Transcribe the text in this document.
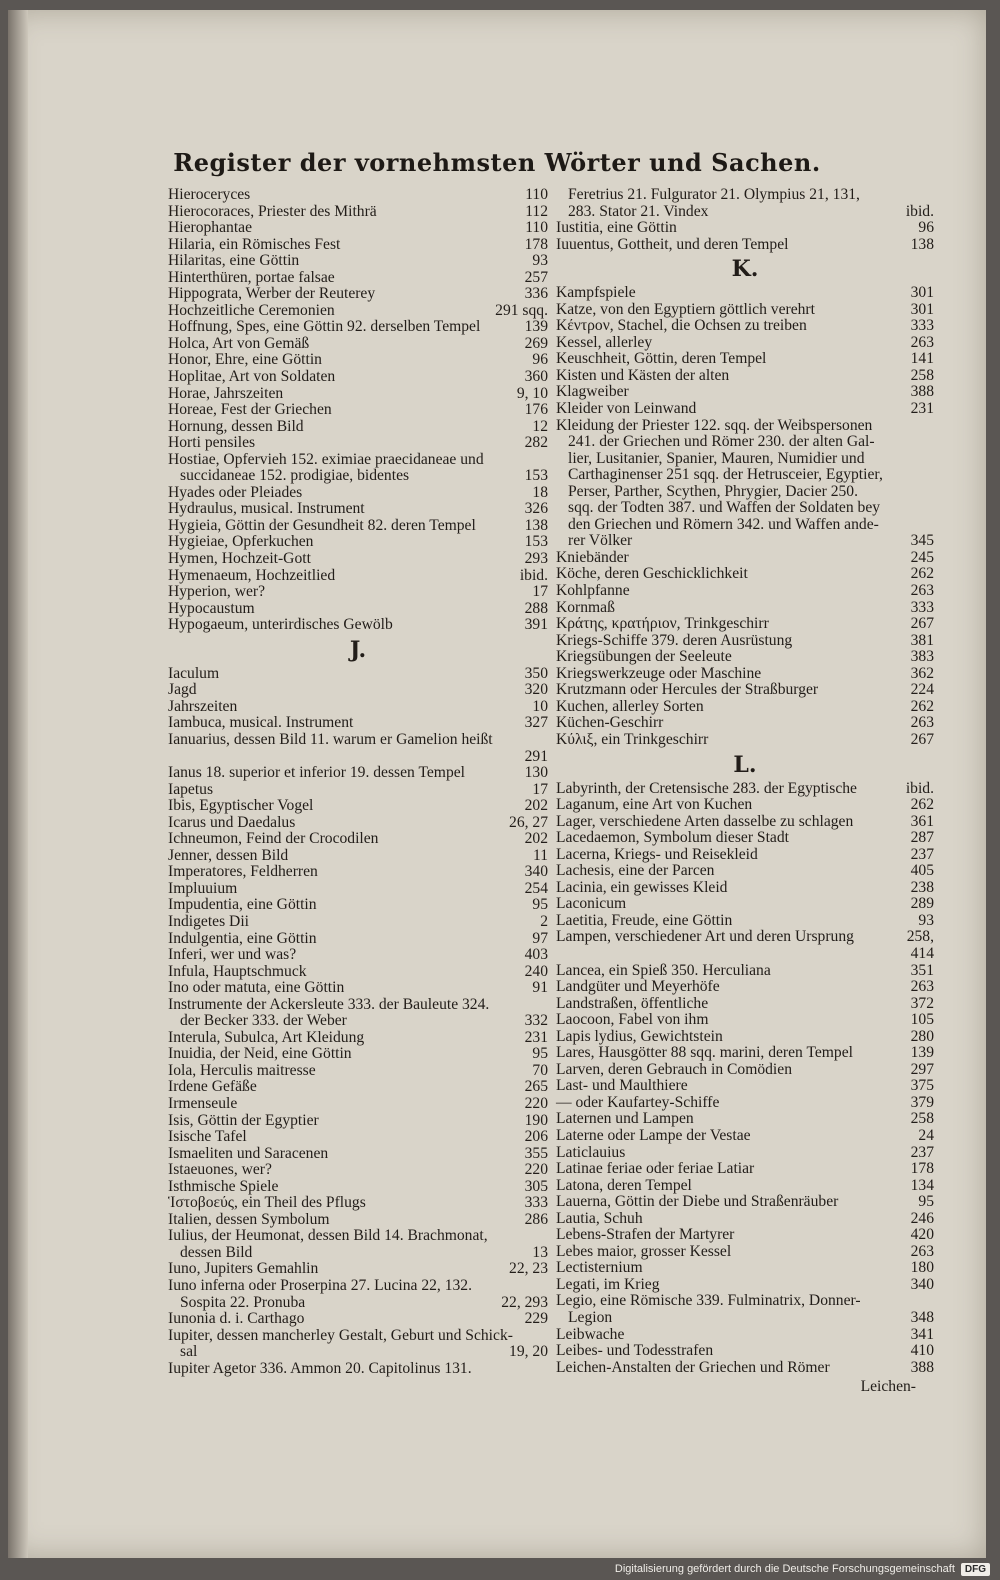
Register der vornehmsten Wörter und Sachen.
Hieroceryces	110
Hierocoraces, Priester des Mithrä	112
Hierophantae	110
Hilaria, ein Römisches Fest	178
Hilaritas, eine Göttin	93
Hinterthüren, portae falsae	257
Hippograta, Werber der Reuterey	336
Hochzeitliche Ceremonien	291 sqq.
Hoffnung, Spes, eine Göttin 92. derselben Tempel	139
Holca, Art von Gemäß	269
Honor, Ehre, eine Göttin	96
Hoplitae, Art von Soldaten	360
Horae, Jahrszeiten	9, 10
Horeae, Fest der Griechen	176
Hornung, dessen Bild	12
Horti pensiles	282
Hostiae, Opfervieh 152. eximiae praecidaneae und
succidaneae 152. prodigiae, bidentes	153
Hyades oder Pleiades	18
Hydraulus, musical. Instrument	326
Hygieia, Göttin der Gesundheit 82. deren Tempel	138
Hygieiae, Opferkuchen	153
Hymen, Hochzeit-Gott	293
Hymenaeum, Hochzeitlied	ibid.
Hyperion, wer?	17
Hypocaustum	288
Hypogaeum, unterirdisches Gewölb	391
J.
Iaculum	350
Jagd	320
Jahrszeiten	10
Iambuca, musical. Instrument	327
Ianuarius, dessen Bild 11. warum er Gamelion heißt
291
Ianus 18. superior et inferior 19. dessen Tempel	130
Iapetus	17
Ibis, Egyptischer Vogel	202
Icarus und Daedalus	26, 27
Ichneumon, Feind der Crocodilen	202
Jenner, dessen Bild	11
Imperatores, Feldherren	340
Impluuium	254
Impudentia, eine Göttin	95
Indigetes Dii	2
Indulgentia, eine Göttin	97
Inferi, wer und was?	403
Infula, Hauptschmuck	240
Ino oder matuta, eine Göttin	91
Instrumente der Ackersleute 333. der Bauleute 324.
der Becker 333. der Weber	332
Interula, Subulca, Art Kleidung	231
Inuidia, der Neid, eine Göttin	95
Iola, Herculis maitresse	70
Irdene Gefäße	265
Irmenseule	220
Isis, Göttin der Egyptier	190
Isische Tafel	206
Ismaeliten und Saracenen	355
Istaeuones, wer?	220
Isthmische Spiele	305
Ἱστοβοεύς, ein Theil des Pflugs	333
Italien, dessen Symbolum	286
Iulius, der Heumonat, dessen Bild 14. Brachmonat,
dessen Bild	13
Iuno, Jupiters Gemahlin	22, 23
Iuno inferna oder Proserpina 27. Lucina 22, 132.
Sospita 22. Pronuba	22, 293
Iunonia d. i. Carthago	229
Iupiter, dessen mancherley Gestalt, Geburt und Schick-
sal	19, 20
Iupiter Agetor 336. Ammon 20. Capitolinus 131.
Feretrius 21. Fulgurator 21. Olympius 21, 131,
283. Stator 21. Vindex	ibid.
Iustitia, eine Göttin	96
Iuuentus, Gottheit, und deren Tempel	138
K.
Kampfspiele	301
Katze, von den Egyptiern göttlich verehrt	301
Κέντρον, Stachel, die Ochsen zu treiben	333
Kessel, allerley	263
Keuschheit, Göttin, deren Tempel	141
Kisten und Kästen der alten	258
Klagweiber	388
Kleider von Leinwand	231
Kleidung der Priester 122. sqq. der Weibspersonen
241. der Griechen und Römer 230. der alten Gal-
lier, Lusitanier, Spanier, Mauren, Numidier und
Carthaginenser 251 sqq. der Hetrusceier, Egyptier,
Perser, Parther, Scythen, Phrygier, Dacier 250.
sqq. der Todten 387. und Waffen der Soldaten bey
den Griechen und Römern 342. und Waffen ande-
rer Völker	345
Kniebänder	245
Köche, deren Geschicklichkeit	262
Kohlpfanne	263
Kornmaß	333
Κράτης, κρατήριον, Trinkgeschirr	267
Kriegs-Schiffe 379. deren Ausrüstung	381
Kriegsübungen der Seeleute	383
Kriegswerkzeuge oder Maschine	362
Krutzmann oder Hercules der Straßburger	224
Kuchen, allerley Sorten	262
Küchen-Geschirr	263
Κύλιξ, ein Trinkgeschirr	267
L.
Labyrinth, der Cretensische 283. der Egyptische	ibid.
Laganum, eine Art von Kuchen	262
Lager, verschiedene Arten dasselbe zu schlagen	361
Lacedaemon, Symbolum dieser Stadt	287
Lacerna, Kriegs- und Reisekleid	237
Lachesis, eine der Parcen	405
Lacinia, ein gewisses Kleid	238
Laconicum	289
Laetitia, Freude, eine Göttin	93
Lampen, verschiedener Art und deren Ursprung	258,
414
Lancea, ein Spieß 350. Herculiana	351
Landgüter und Meyerhöfe	263
Landstraßen, öffentliche	372
Laocoon, Fabel von ihm	105
Lapis lydius, Gewichtstein	280
Lares, Hausgötter 88 sqq. marini, deren Tempel	139
Larven, deren Gebrauch in Comödien	297
Last- und Maulthiere	375
— oder Kaufartey-Schiffe	379
Laternen und Lampen	258
Laterne oder Lampe der Vestae	24
Laticlauius	237
Latinae feriae oder feriae Latiar	178
Latona, deren Tempel	134
Lauerna, Göttin der Diebe und Straßenräuber	95
Lautia, Schuh	246
Lebens-Strafen der Martyrer	420
Lebes maior, grosser Kessel	263
Lectisternium	180
Legati, im Krieg	340
Legio, eine Römische 339. Fulminatrix, Donner-
Legion	348
Leibwache	341
Leibes- und Todesstrafen	410
Leichen-Anstalten der Griechen und Römer	388
Leichen-
Digitalisierung gefördert durch die Deutsche Forschungsgemeinschaft	DFG
